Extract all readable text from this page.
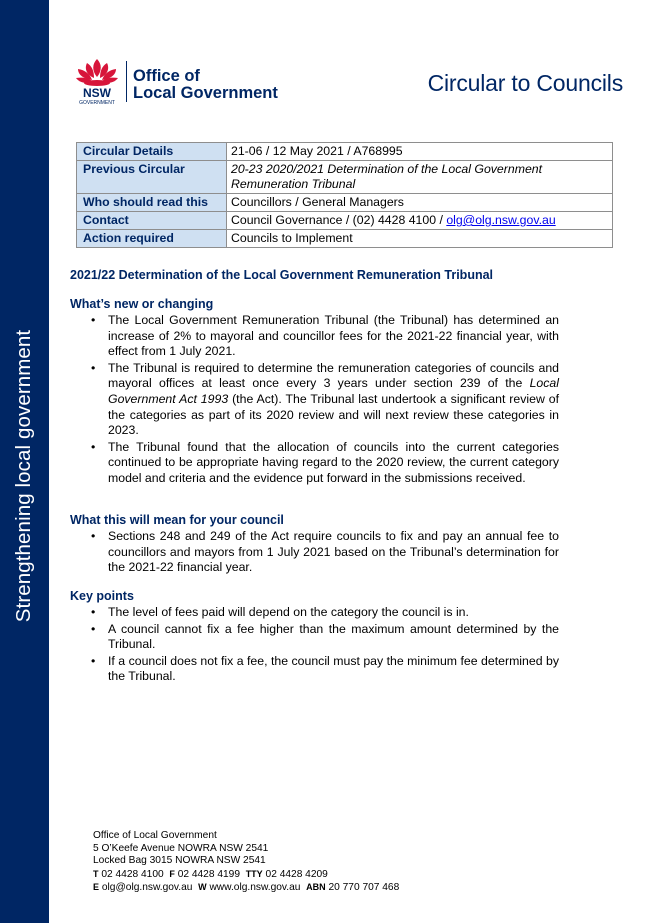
Strengthening local government
NSW
GOVERNMENT
Office of
Local Government	Circular to Councils
Circular Details	21-06 / 12 May 2021 / A768995
Previous Circular	20-23 2020/2021 Determination of the Local Government Remuneration Tribunal
Who should read this	Councillors / General Managers
Contact	Council Governance / (02) 4428 4100 / olg@olg.nsw.gov.au
Action required	Councils to Implement
2021/22 Determination of the Local Government Remuneration Tribunal
What’s new or changing
• The Local Government Remuneration Tribunal (the Tribunal) has determined an increase of 2% to mayoral and councillor fees for the 2021-22 financial year, with effect from 1 July 2021.
• The Tribunal is required to determine the remuneration categories of councils and mayoral offices at least once every 3 years under section 239 of the Local Government Act 1993 (the Act). The Tribunal last undertook a significant review of the categories as part of its 2020 review and will next review these categories in 2023.
• The Tribunal found that the allocation of councils into the current categories continued to be appropriate having regard to the 2020 review, the current category model and criteria and the evidence put forward in the submissions received.
What this will mean for your council
• Sections 248 and 249 of the Act require councils to fix and pay an annual fee to councillors and mayors from 1 July 2021 based on the Tribunal’s determination for the 2021-22 financial year.
Key points
• The level of fees paid will depend on the category the council is in.
• A council cannot fix a fee higher than the maximum amount determined by the Tribunal.
• If a council does not fix a fee, the council must pay the minimum fee determined by the Tribunal.
Office of Local Government
5 O’Keefe Avenue NOWRA NSW 2541
Locked Bag 3015 NOWRA NSW 2541
T 02 4428 4100 F 02 4428 4199 TTY 02 4428 4209
E olg@olg.nsw.gov.au W www.olg.nsw.gov.au ABN 20 770 707 468
